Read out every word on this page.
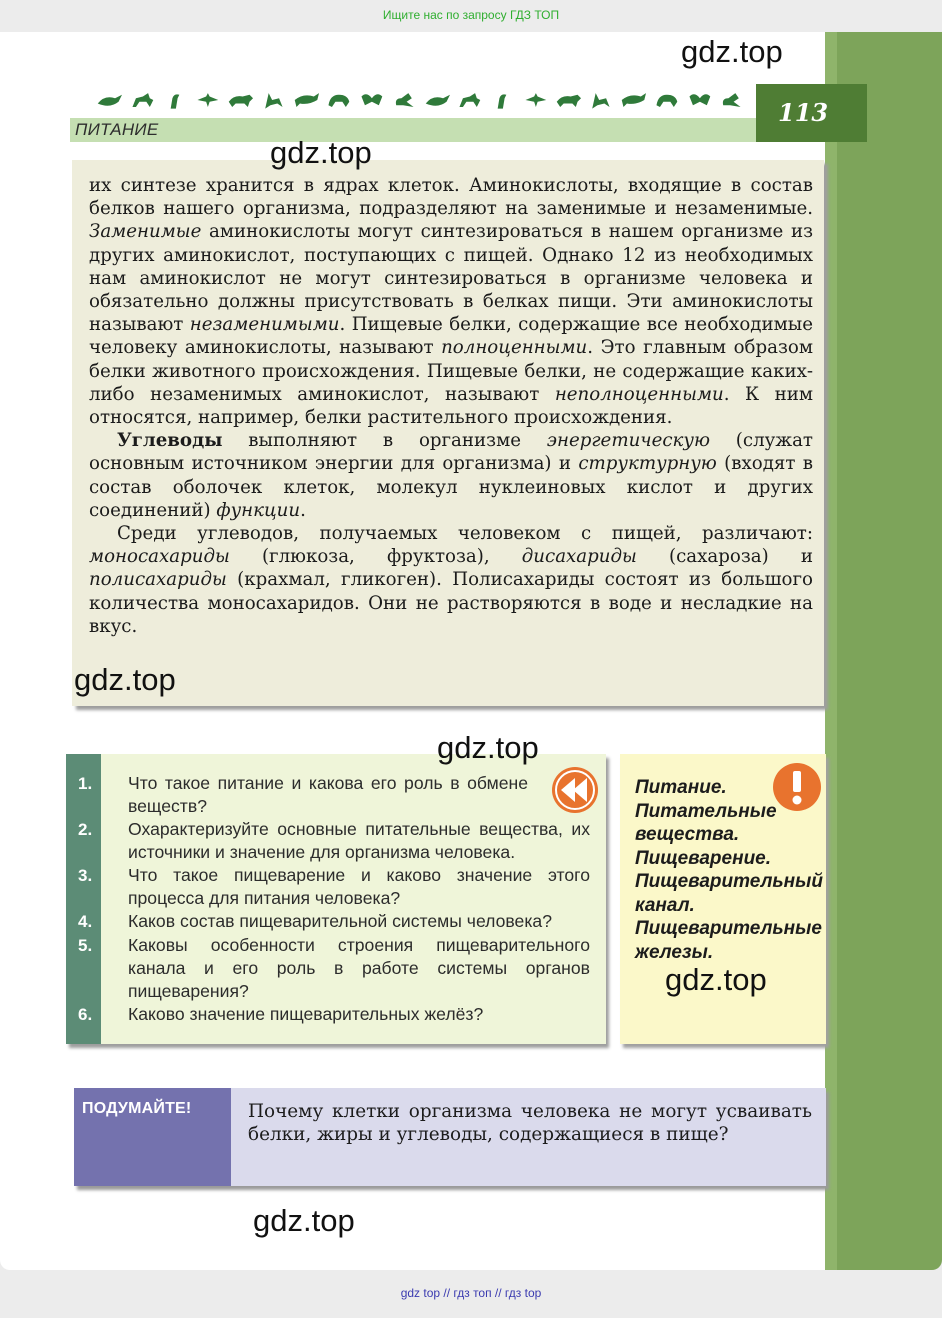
Ищите нас по запросу ГДЗ ТОП
ПИТАНИЕ
113

их синтезе хранится в ядрах клеток. Аминокислоты, входящие в состав белков нашего организма, подразделяют на заменимые и незаменимые. Заменимые аминокислоты могут синтезироваться в нашем организме из других аминокислот, поступающих с пищей. Однако 12 из необходимых нам аминокислот не могут синтезироваться в организме человека и обязательно должны присутствовать в белках пищи. Эти аминокислоты называют незаменимыми. Пищевые белки, содержащие все необходимые человеку аминокислоты, называют полноценными. Это главным образом белки животного происхождения. Пищевые белки, не содержащие каких-либо незаменимых аминокислот, называют неполноценными. К ним относятся, например, белки растительного происхождения.

Углеводы выполняют в организме энергетическую (служат основным источником энергии для организма) и структурную (входят в состав оболочек клеток, молекул нуклеиновых кислот и других соединений) функции.

Среди углеводов, получаемых человеком с пищей, различают: моносахариды (глюкоза, фруктоза), дисахариды (сахароза) и полисахариды (крахмал, гликоген). Полисахариды состоят из большого количества моносахаридов. Они не растворяются в воде и несладкие на вкус.

1. Что такое питание и какова его роль в обмене веществ?
2. Охарактеризуйте основные питательные вещества, их источники и значение для организма человека.
3. Что такое пищеварение и каково значение этого процесса для питания человека?
4. Каков состав пищеварительной системы человека?
5. Каковы особенности строения пищеварительного канала и его роль в работе системы органов пищеварения?
6. Каково значение пищеварительных желёз?
Питание.
Питательные вещества.
Пищеварение.
Пищеварительный канал.
Пищеварительные железы.
ПОДУМАЙТЕ!	Почему клетки организма человека не могут усваивать белки, жиры и углеводы, содержащиеся в пище?
gdz.top
gdz.top
gdz.top
gdz.top
gdz.top
gdz.top
gdz top // гдз топ // гдз top
